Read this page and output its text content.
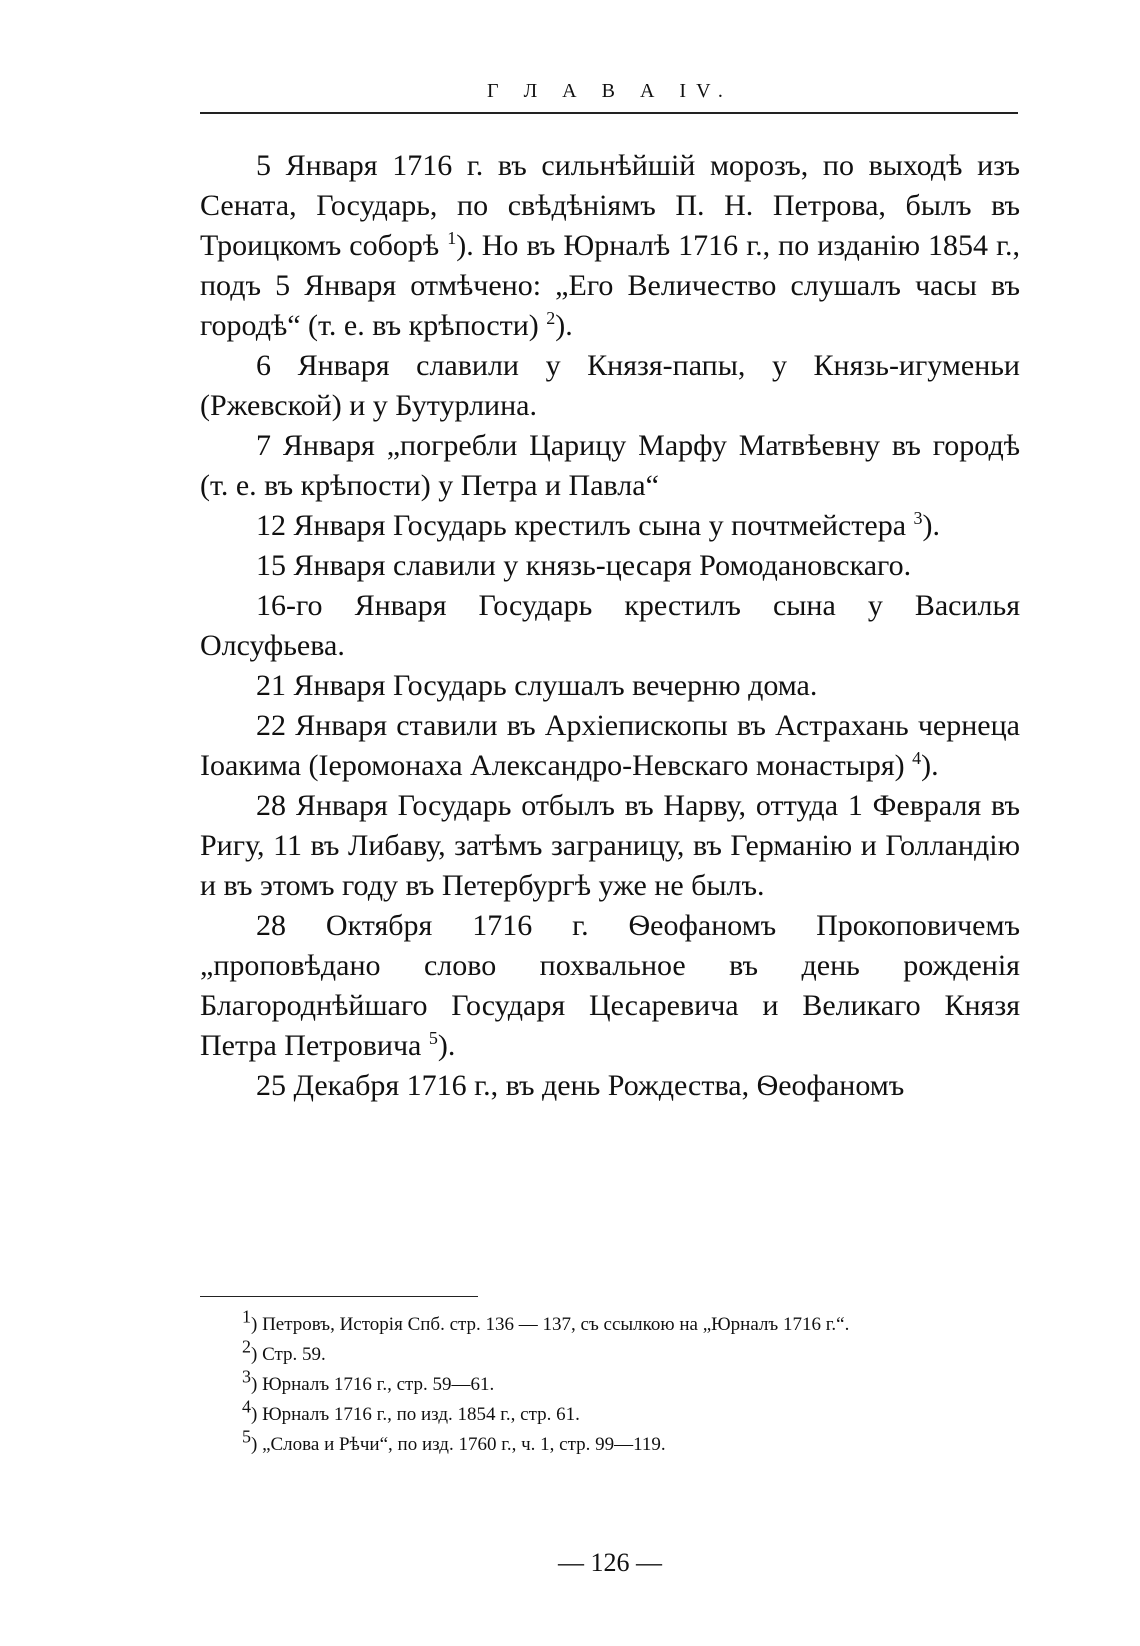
Г Л А В А IV.

5 Января 1716 г. въ сильнѣйшій морозъ, по выходѣ изъ Сената, Государь, по свѣдѣніямъ П. Н. Петрова, былъ въ Троицкомъ соборѣ $^1$). Но въ Юрналѣ 1716 г., по изданію 1854 г., подъ 5 Января отмѣчено: „Его Величество слушалъ часы въ городѣ“ (т. е. въ крѣпости) $^2$).

6 Января славили у Князя-папы, у Князь-игуменьи (Ржевской) и у Бутурлина.

7 Января „погребли Царицу Марфу Матвѣевну въ городѣ (т. е. въ крѣпости) у Петра и Павла“

12 Января Государь крестилъ сына у почтмейстера $^3$).

15 Января славили у князь-цесаря Ромодановскаго.

16-го Января Государь крестилъ сына у Василья Олсуфьева.

21 Января Государь слушалъ вечерню дома.

22 Января ставили въ Архіепископы въ Астрахань чернеца Іоакима (Іеромонаха Александро-Невскаго монастыря) $^4$).

28 Января Государь отбылъ въ Нарву, оттуда 1 Февраля въ Ригу, 11 въ Либаву, затѣмъ заграницу, въ Германію и Голландію и въ этомъ году въ Петербургѣ уже не былъ.

28 Октября 1716 г. Ѳеофаномъ Прокоповичемъ „проповѣдано слово похвальное въ день рожденія Благороднѣйшаго Государя Цесаревича и Великаго Князя Петра Петровича $^5$).

25 Декабря 1716 г., въ день Рождества, Ѳеофаномъ

$^1$) Петровъ, Исторія Спб. стр. 136 — 137, съ ссылкою на „Юрналъ 1716 г.“.

$^2$) Стр. 59.

$^3$) Юрналъ 1716 г., стр. 59—61.

$^4$) Юрналъ 1716 г., по изд. 1854 г., стр. 61.

$^5$) „Слова и Рѣчи“, по изд. 1760 г., ч. 1, стр. 99—119.

— 126 —
